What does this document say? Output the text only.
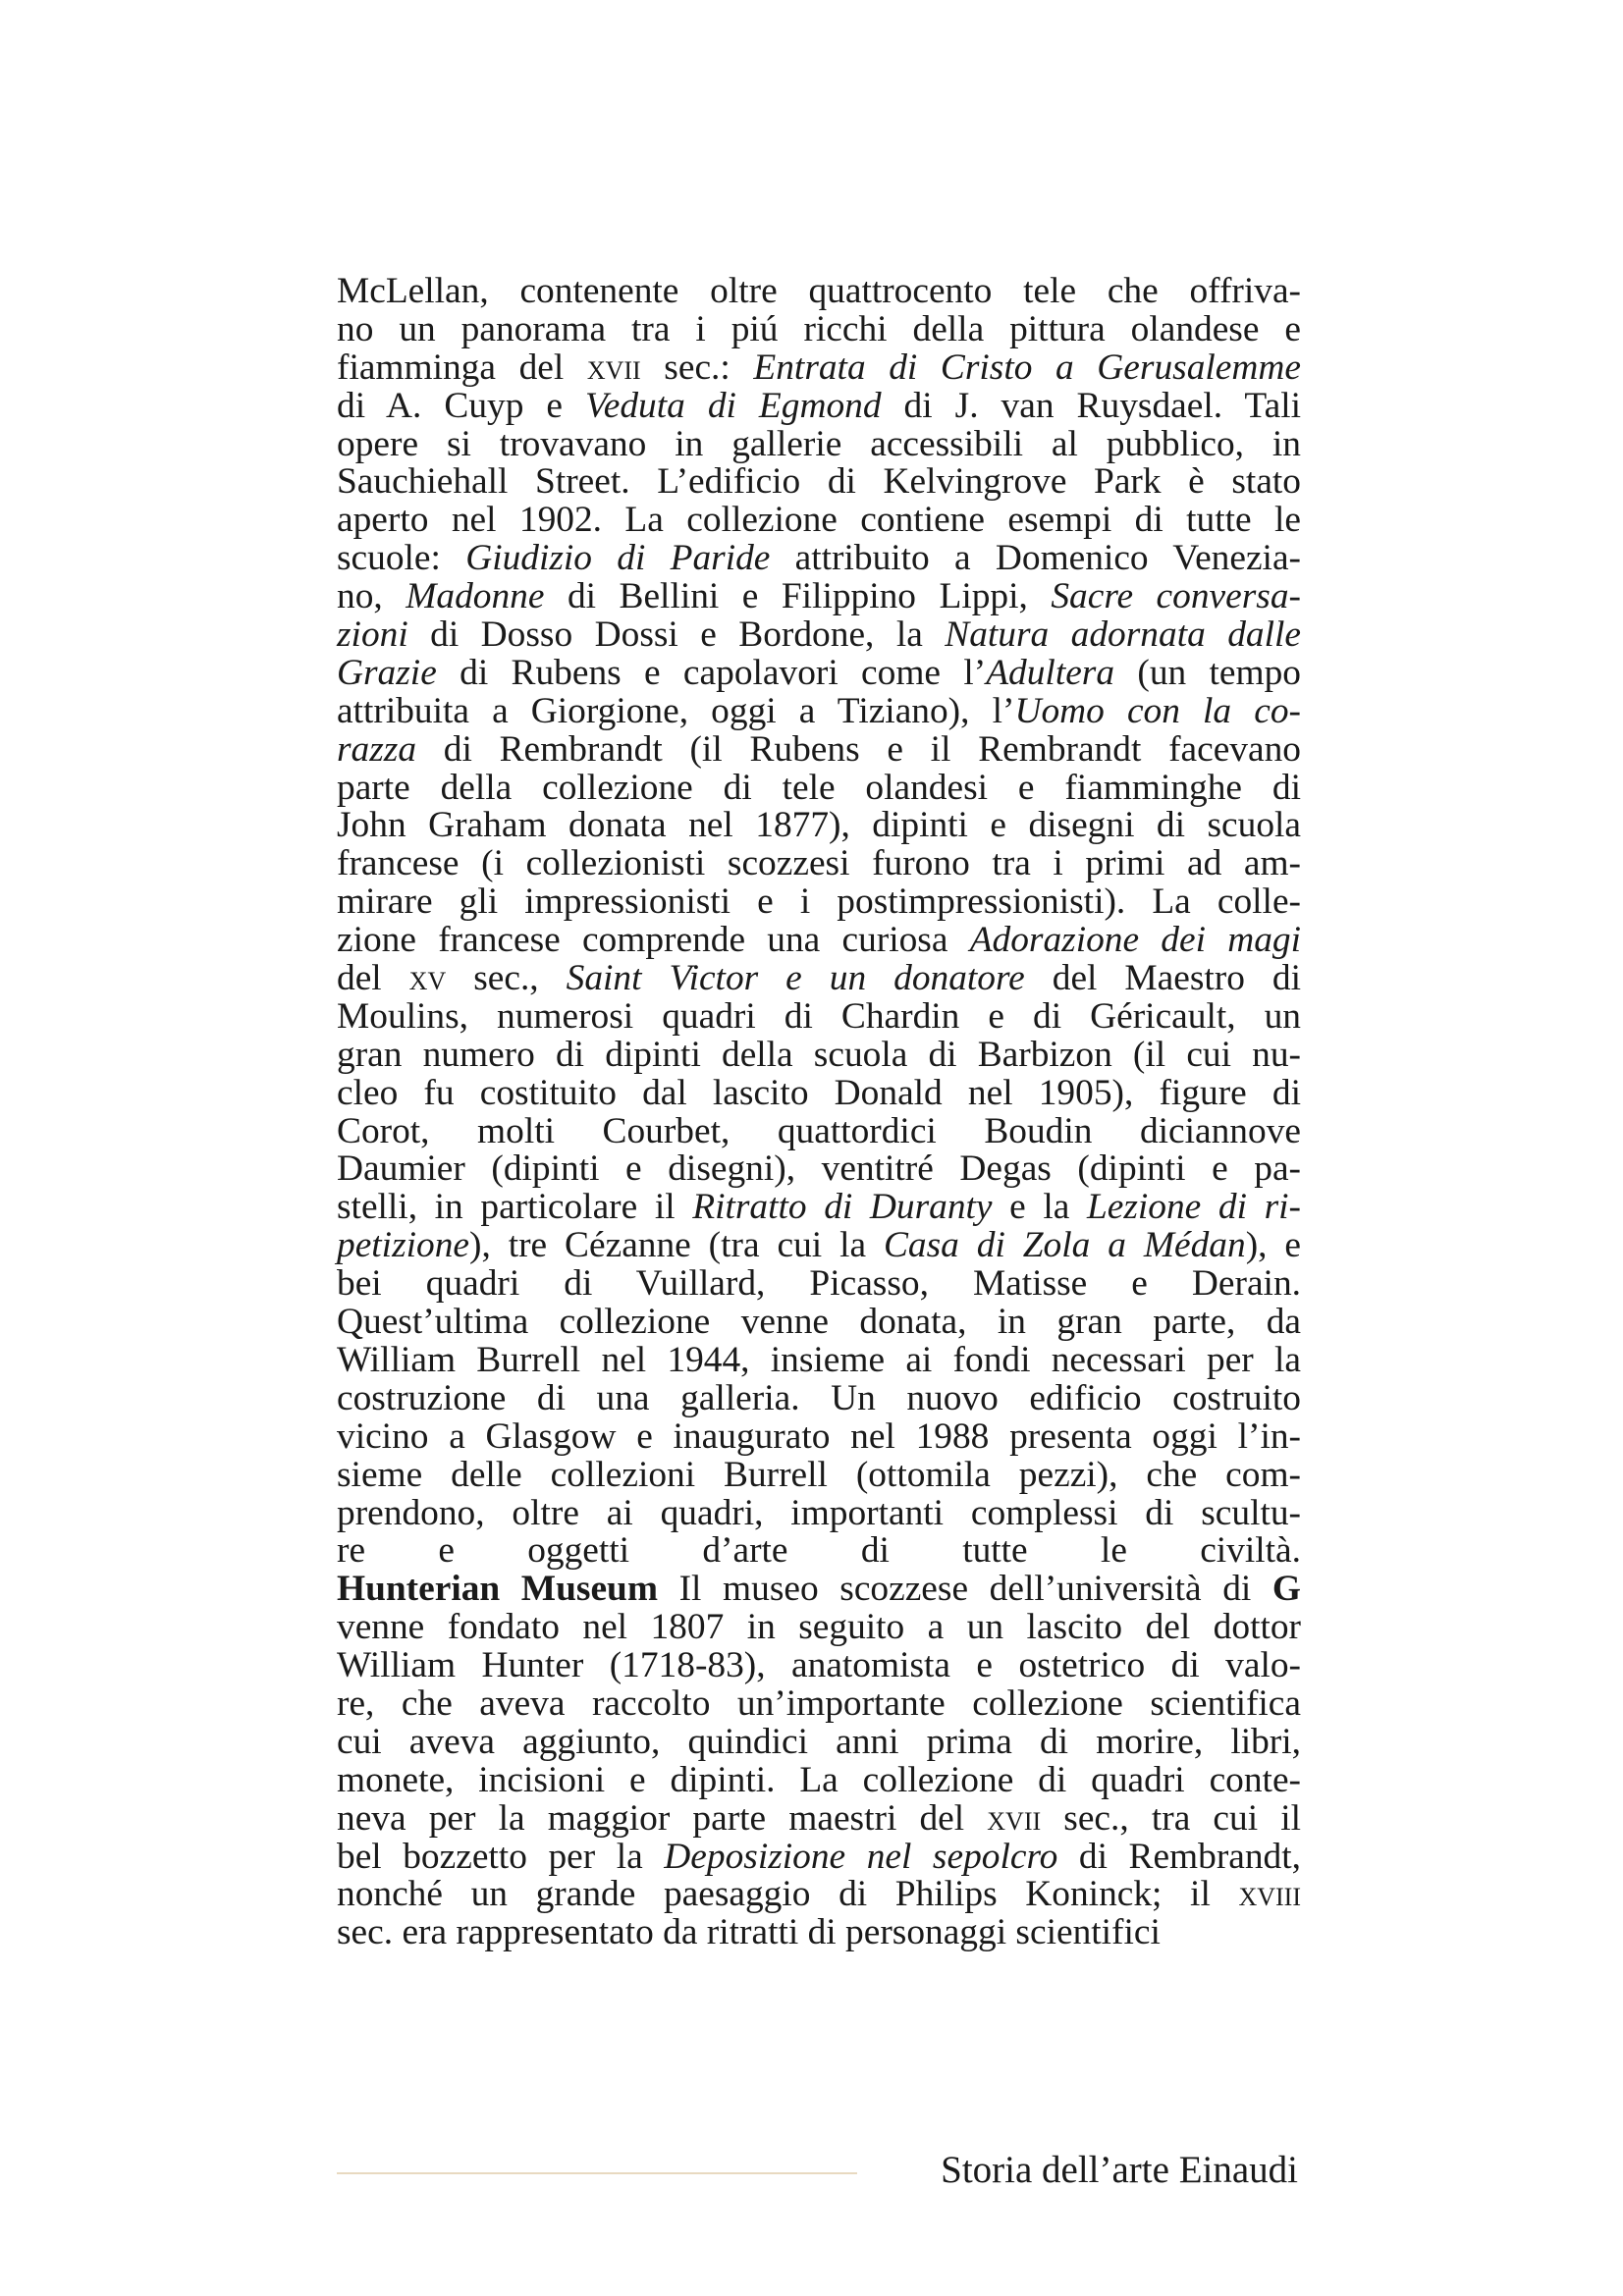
McLellan, contenente oltre quattrocento tele che offriva-
no un panorama tra i piú ricchi della pittura olandese e
fiamminga del xvii sec.: Entrata di Cristo a Gerusalemme
di A. Cuyp e Veduta di Egmond di J. van Ruysdael. Tali
opere si trovavano in gallerie accessibili al pubblico, in
Sauchiehall Street. L’edificio di Kelvingrove Park è stato
aperto nel 1902. La collezione contiene esempi di tutte le
scuole: Giudizio di Paride attribuito a Domenico Venezia-
no, Madonne di Bellini e Filippino Lippi, Sacre conversa-
zioni di Dosso Dossi e Bordone, la Natura adornata dalle
Grazie di Rubens e capolavori come l’Adultera (un tempo
attribuita a Giorgione, oggi a Tiziano), l’Uomo con la co-
razza di Rembrandt (il Rubens e il Rembrandt facevano
parte della collezione di tele olandesi e fiamminghe di
John Graham donata nel 1877), dipinti e disegni di scuola
francese (i collezionisti scozzesi furono tra i primi ad am-
mirare gli impressionisti e i postimpressionisti). La colle-
zione francese comprende una curiosa Adorazione dei magi
del xv sec., Saint Victor e un donatore del Maestro di
Moulins, numerosi quadri di Chardin e di Géricault, un
gran numero di dipinti della scuola di Barbizon (il cui nu-
cleo fu costituito dal lascito Donald nel 1905), figure di
Corot, molti Courbet, quattordici Boudin diciannove
Daumier (dipinti e disegni), ventitré Degas (dipinti e pa-
stelli, in particolare il Ritratto di Duranty e la Lezione di ri-
petizione), tre Cézanne (tra cui la Casa di Zola a Médan), e
bei quadri di Vuillard, Picasso, Matisse e Derain.
Quest’ultima collezione venne donata, in gran parte, da
William Burrell nel 1944, insieme ai fondi necessari per la
costruzione di una galleria. Un nuovo edificio costruito
vicino a Glasgow e inaugurato nel 1988 presenta oggi l’in-
sieme delle collezioni Burrell (ottomila pezzi), che com-
prendono, oltre ai quadri, importanti complessi di scultu-
re e oggetti d’arte di tutte le civiltà.
Hunterian Museum Il museo scozzese dell’università di G
venne fondato nel 1807 in seguito a un lascito del dottor
William Hunter (1718-83), anatomista e ostetrico di valo-
re, che aveva raccolto un’importante collezione scientifica
cui aveva aggiunto, quindici anni prima di morire, libri,
monete, incisioni e dipinti. La collezione di quadri conte-
neva per la maggior parte maestri del xvii sec., tra cui il
bel bozzetto per la Deposizione nel sepolcro di Rembrandt,
nonché un grande paesaggio di Philips Koninck; il xviii
sec. era rappresentato da ritratti di personaggi scientifici
Storia dell’arte Einaudi
